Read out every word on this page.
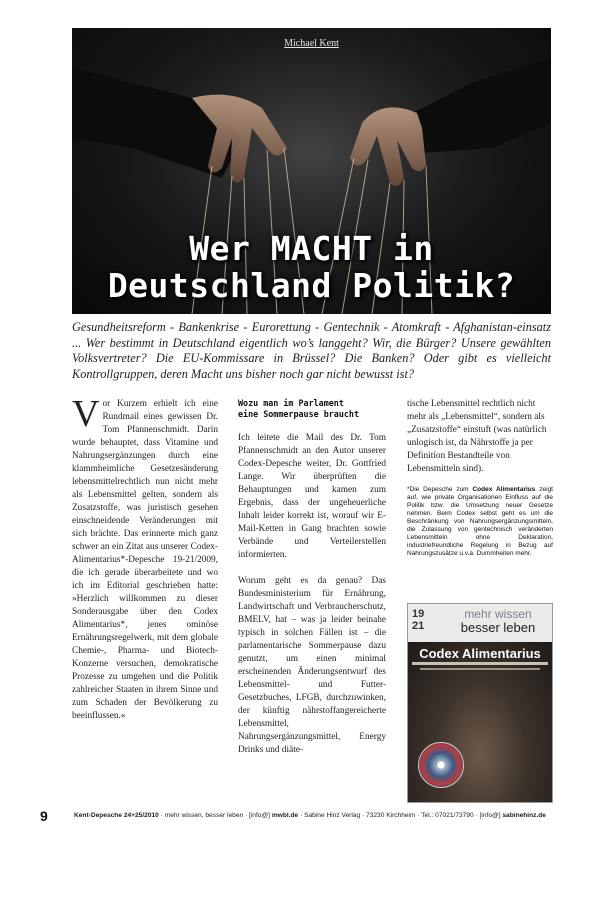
Michael Kent
Wer MACHT in
Deutschland Politik?

Gesundheitsreform - Bankenkrise - Eurorettung - Gentechnik - Atomkraft - Afghanistan-einsatz ... Wer bestimmt in Deutschland eigentlich wo’s langgeht? Wir, die Bürger? Unsere gewählten Volksvertreter? Die EU-Kommissare in Brüssel? Die Banken? Oder gibt es vielleicht Kontrollgruppen, deren Macht uns bisher noch gar nicht bewusst ist?

V or Kurzem erhielt ich eine Rundmail eines gewissen Dr. Tom Pfannenschmidt. Darin wurde behauptet, dass Vitamine und Nahrungsergänzungen durch eine klammheimliche Gesetzesänderung lebensmittelrechtlich nun nicht mehr als Lebensmittel gelten, sondern als Zusatzstoffe, was juristisch gesehen einschneidende Veränderungen mit sich brächte. Das erinnerte mich ganz schwer an ein Zitat aus unserer Codex-Alimentarius*-Depesche 19-21/2009, die ich gerade überarbeitete und wo ich im Editorial geschrieben hatte: »Herzlich willkommen zu dieser Sonderausgabe über den Codex Alimentarius*, jenes ominöse Ernährungsregelwerk, mit dem globale Chemie-, Pharma- und Biotech-Konzerne versuchen, demokratische Prozesse zu umgehen und die Politik zahlreicher Staaten in ihrem Sinne und zum Schaden der Bevölkerung zu beeinflussen.«

Wozu man im Parlament
eine Sommerpause braucht

Ich leitete die Mail des Dr. Tom Pfannenschmidt an den Autor unserer Codex-Depesche weiter, Dr. Gottfried Lange. Wir überprüften die Behauptungen und kamen zum Ergebnis, dass der ungeheuerliche Inhalt leider korrekt ist, worauf wir E-Mail-Ketten in Gang brachten sowie Verbände und Verteilerstellen informierten.

Worum geht es da genau? Das Bundesministerium für Ernährung, Landwirtschaft und Verbraucherschutz, BMELV, hat – was ja leider beinahe typisch in solchen Fällen ist – die parlamentarische Sommerpause dazu genutzt, um einen minimal erscheinenden Änderungsentwurf des Lebensmittel- und Futter-Gesetzbuches, LFGB, durchzuwinken, der künftig nährstoffangereicherte Lebensmittel, Nahrungsergänzungsmittel, Energy Drinks und diäte-

tische Lebensmittel rechtlich nicht mehr als „Lebensmittel“, sondern als „Zusatzstoffe“ einstuft (was natürlich unlogisch ist, da Nährstoffe ja per Definition Bestandteile von Lebensmitteln sind).

*Die Depesche zum Codex Alimentarius zeigt auf, wie private Organisationen Einfluss auf die Politik bzw. die Umsetzung neuer Gesetze nehmen. Beim Codex selbst geht es um die Beschränkung von Nahrungsergänzungsmitteln, die Zulassung von gentechnisch veränderten Lebensmitteln ohne Deklaration, industriefreundliche Regelung in Bezug auf Nahrungszusätze u.v.a. Dummheiten mehr.

19
21
mehr wissen
besser leben
Codex Alimentarius
9	Kent-Depesche 24+25/2010 · mehr wissen, besser leben · [info@] mwbl.de · Sabine Hinz Verlag · 73230 Kirchheim · Tel.: 07021/73790 · [info@] sabinehinz.de
